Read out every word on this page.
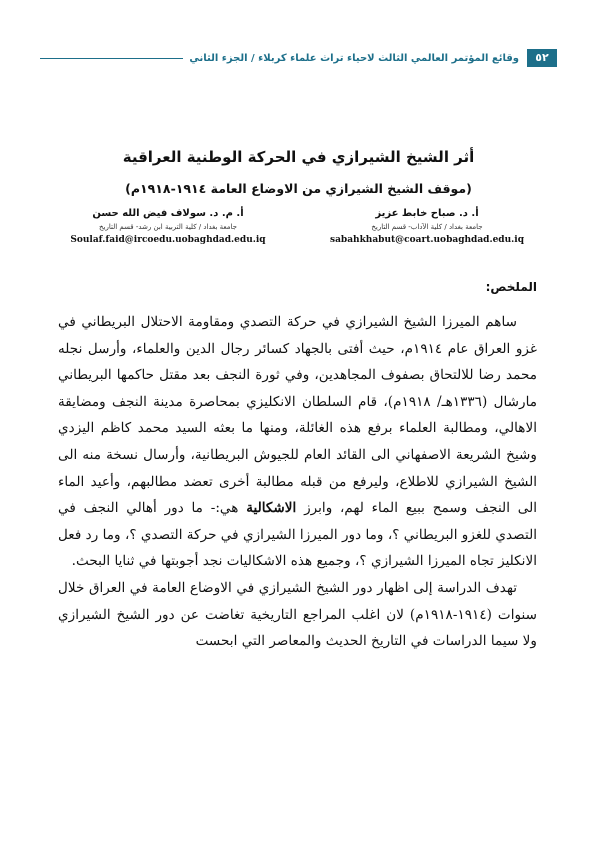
٥٢
وقائع المؤتمر العالمي الثالث لاحياء تراث علماء كربلاء / الجزء الثاني
أثر الشيخ الشيرازي في الحركة الوطنية العراقية
(موقف الشيخ الشيرازي من الاوضاع العامة ١٩١٤-١٩١٨م)
أ. د. صباح خابط عزيز
جامعة بغداد / كلية الآداب- قسم التاريخ
sabahkhabut@coart.uobaghdad.edu.iq
أ. م. د. سولاف فيض الله حسن
جامعة بغداد / كلية التربية ابن رشد- قسم التاريخ
Soulaf.faid@ircoedu.uobaghdad.edu.iq
الملخص:

ساهم الميرزا الشيخ الشيرازي في حركة التصدي ومقاومة الاحتلال البريطاني في غزو العراق عام ١٩١٤م، حيث أفتى بالجهاد كسائر رجال الدين والعلماء، وأرسل نجله محمد رضا للالتحاق بصفوف المجاهدين، وفي ثورة النجف بعد مقتل حاكمها البريطاني مارشال (١٣٣٦هـ/ ١٩١٨م)، قام السلطان الانكليزي بمحاصرة مدينة النجف ومضايقة الاهالي، ومطالبة العلماء برفع هذه الغائلة، ومنها ما بعثه السيد محمد كاظم اليزدي وشيخ الشريعة الاصفهاني الى القائد العام للجيوش البريطانية، وأرسال نسخة منه الى الشيخ الشيرازي للاطلاع، وليرفع من قبله مطالبة أخرى تعضد مطالبهم، وأعيد الماء الى النجف وسمح ببيع الماء لهم، وابرز الاشكالية هي:- ما دور أهالي النجف في التصدي للغزو البريطاني ؟، وما دور الميرزا الشيرازي في حركة التصدي ؟، وما رد فعل الانكليز تجاه الميرزا الشيرازي ؟، وجميع هذه الاشكاليات نجد أجوبتها في ثنايا البحث.

تهدف الدراسة إلى اظهار دور الشيخ الشيرازي في الاوضاع العامة في العراق خلال سنوات (١٩١٤-١٩١٨م) لان اغلب المراجع التاريخية تغاضت عن دور الشيخ الشيرازي ولا سيما الدراسات في التاريخ الحديث والمعاصر التي ابحست
